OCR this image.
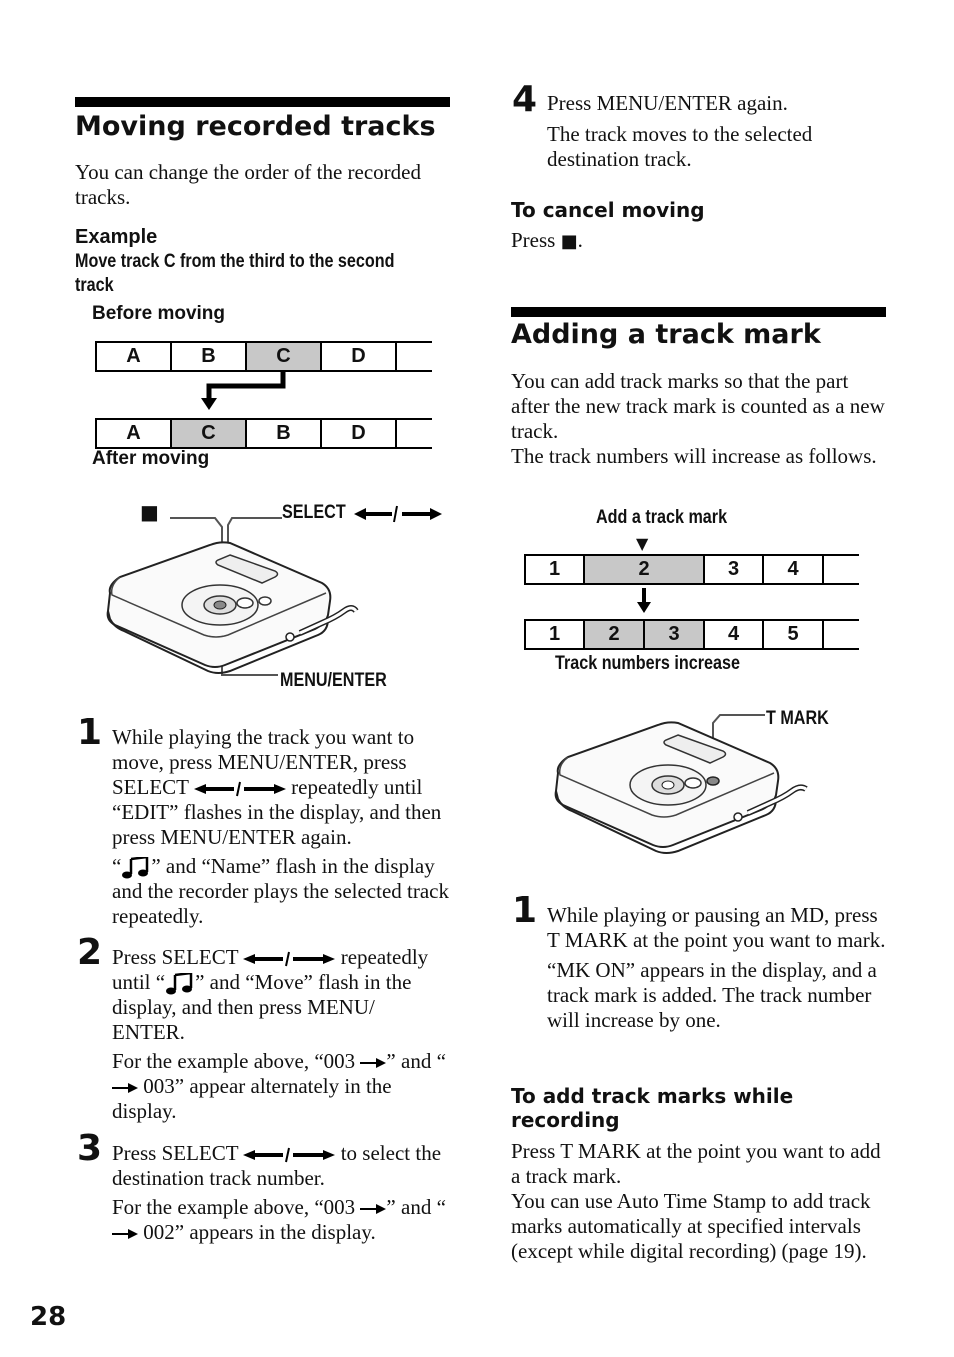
Moving recorded tracks

You can change the order of the recorded tracks.

Example
Move track C from the third to the second track
Before moving
A	B	C	D
A	C	B	D
After moving
■	SELECT
MENU/ENTER
1 While playing the track you want to move, press MENU/ENTER, press SELECT	repeatedly until “EDIT” flashes in the display, and then press MENU/ENTER again.

“ ” and “Name” flash in the display and the recorder plays the selected track repeatedly.

2 Press SELECT	repeatedly until “ ” and “Move” flash in the display, and then press MENU/ ENTER.

For the example above, “003 ” and “ 003” appear alternately in the display.

3 Press SELECT	to select the destination track number.

For the example above, “003 ” and “ 002” appears in the display.

28
4 Press MENU/ENTER again.

The track moves to the selected destination track.

To cancel moving
Press ■.
Adding a track mark

You can add track marks so that the part after the new track mark is counted as a new track.

The track numbers will increase as follows.

Add a track mark
▼
1	2	3	4
1	2	3	4	5
Track numbers increase
T MARK
1 While playing or pausing an MD, press T MARK at the point you want to mark.

“MK ON” appears in the display, and a track mark is added. The track number will increase by one.

To add track marks while recording

Press T MARK at the point you want to add a track mark.

You can use Auto Time Stamp to add track marks automatically at specified intervals (except while digital recording) (page 19).
